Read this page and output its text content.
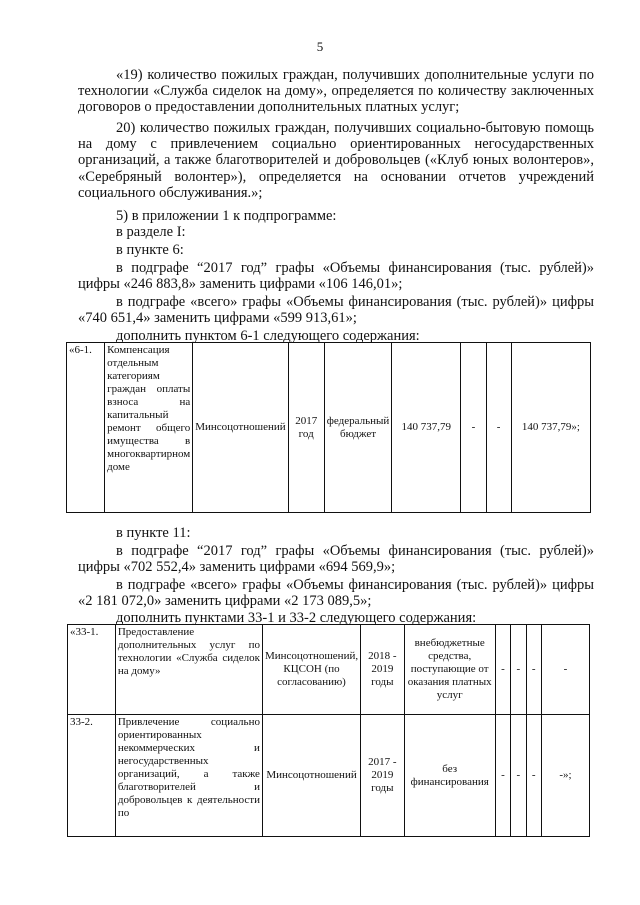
5
«19) количество пожилых граждан, получивших дополнительные услуги по технологии «Служба сиделок на дому», определяется по количеству заключенных договоров о предоставлении дополнительных платных услуг;
20) количество пожилых граждан, получивших социально-бытовую помощь на дому с привлечением социально ориентированных негосударственных организаций, а также благотворителей и добровольцев («Клуб юных волонтеров», «Серебряный волонтер»), определяется на основании отчетов учреждений социального обслуживания.»;
5) в приложении 1 к подпрограмме:
в разделе I:
в пункте 6:
в подграфе “2017 год” графы «Объемы финансирования (тыс. рублей)» цифры «246 883,8» заменить цифрами «106 146,01»;
в подграфе «всего» графы «Объемы финансирования (тыс. рублей)» цифры «740 651,4» заменить цифрами «599 913,61»;
дополнить пунктом 6-1 следующего содержания:
«6-1.	Компенсация отдельным категориям граждан оплаты взноса на капитальный ремонт общего имущества в многоквартирном доме	Минсоцотношений	2017 год	федеральный бюджет	140 737,79	-	-	140 737,79»;
в пункте 11:
в подграфе “2017 год” графы «Объемы финансирования (тыс. рублей)» цифры «702 552,4» заменить цифрами «694 569,9»;
в подграфе «всего» графы «Объемы финансирования (тыс. рублей)» цифры «2 181 072,0» заменить цифрами «2 173 089,5»;
дополнить пунктами 33-1 и 33-2 следующего содержания:
«33-1.	Предоставление дополнительных услуг по технологии «Служба сиделок на дому»	Минсоцотношений, КЦСОН (по согласованию)	2018 - 2019 годы	внебюджетные средства, поступающие от оказания платных услуг	-	-	-	-
33-2.	Привлечение социально ориентированных некоммерческих и негосударственных организаций, а также благотворителей и добровольцев к деятельности по	Минсоцотношений	2017 - 2019 годы	без финансирования	-	-	-	-»;
